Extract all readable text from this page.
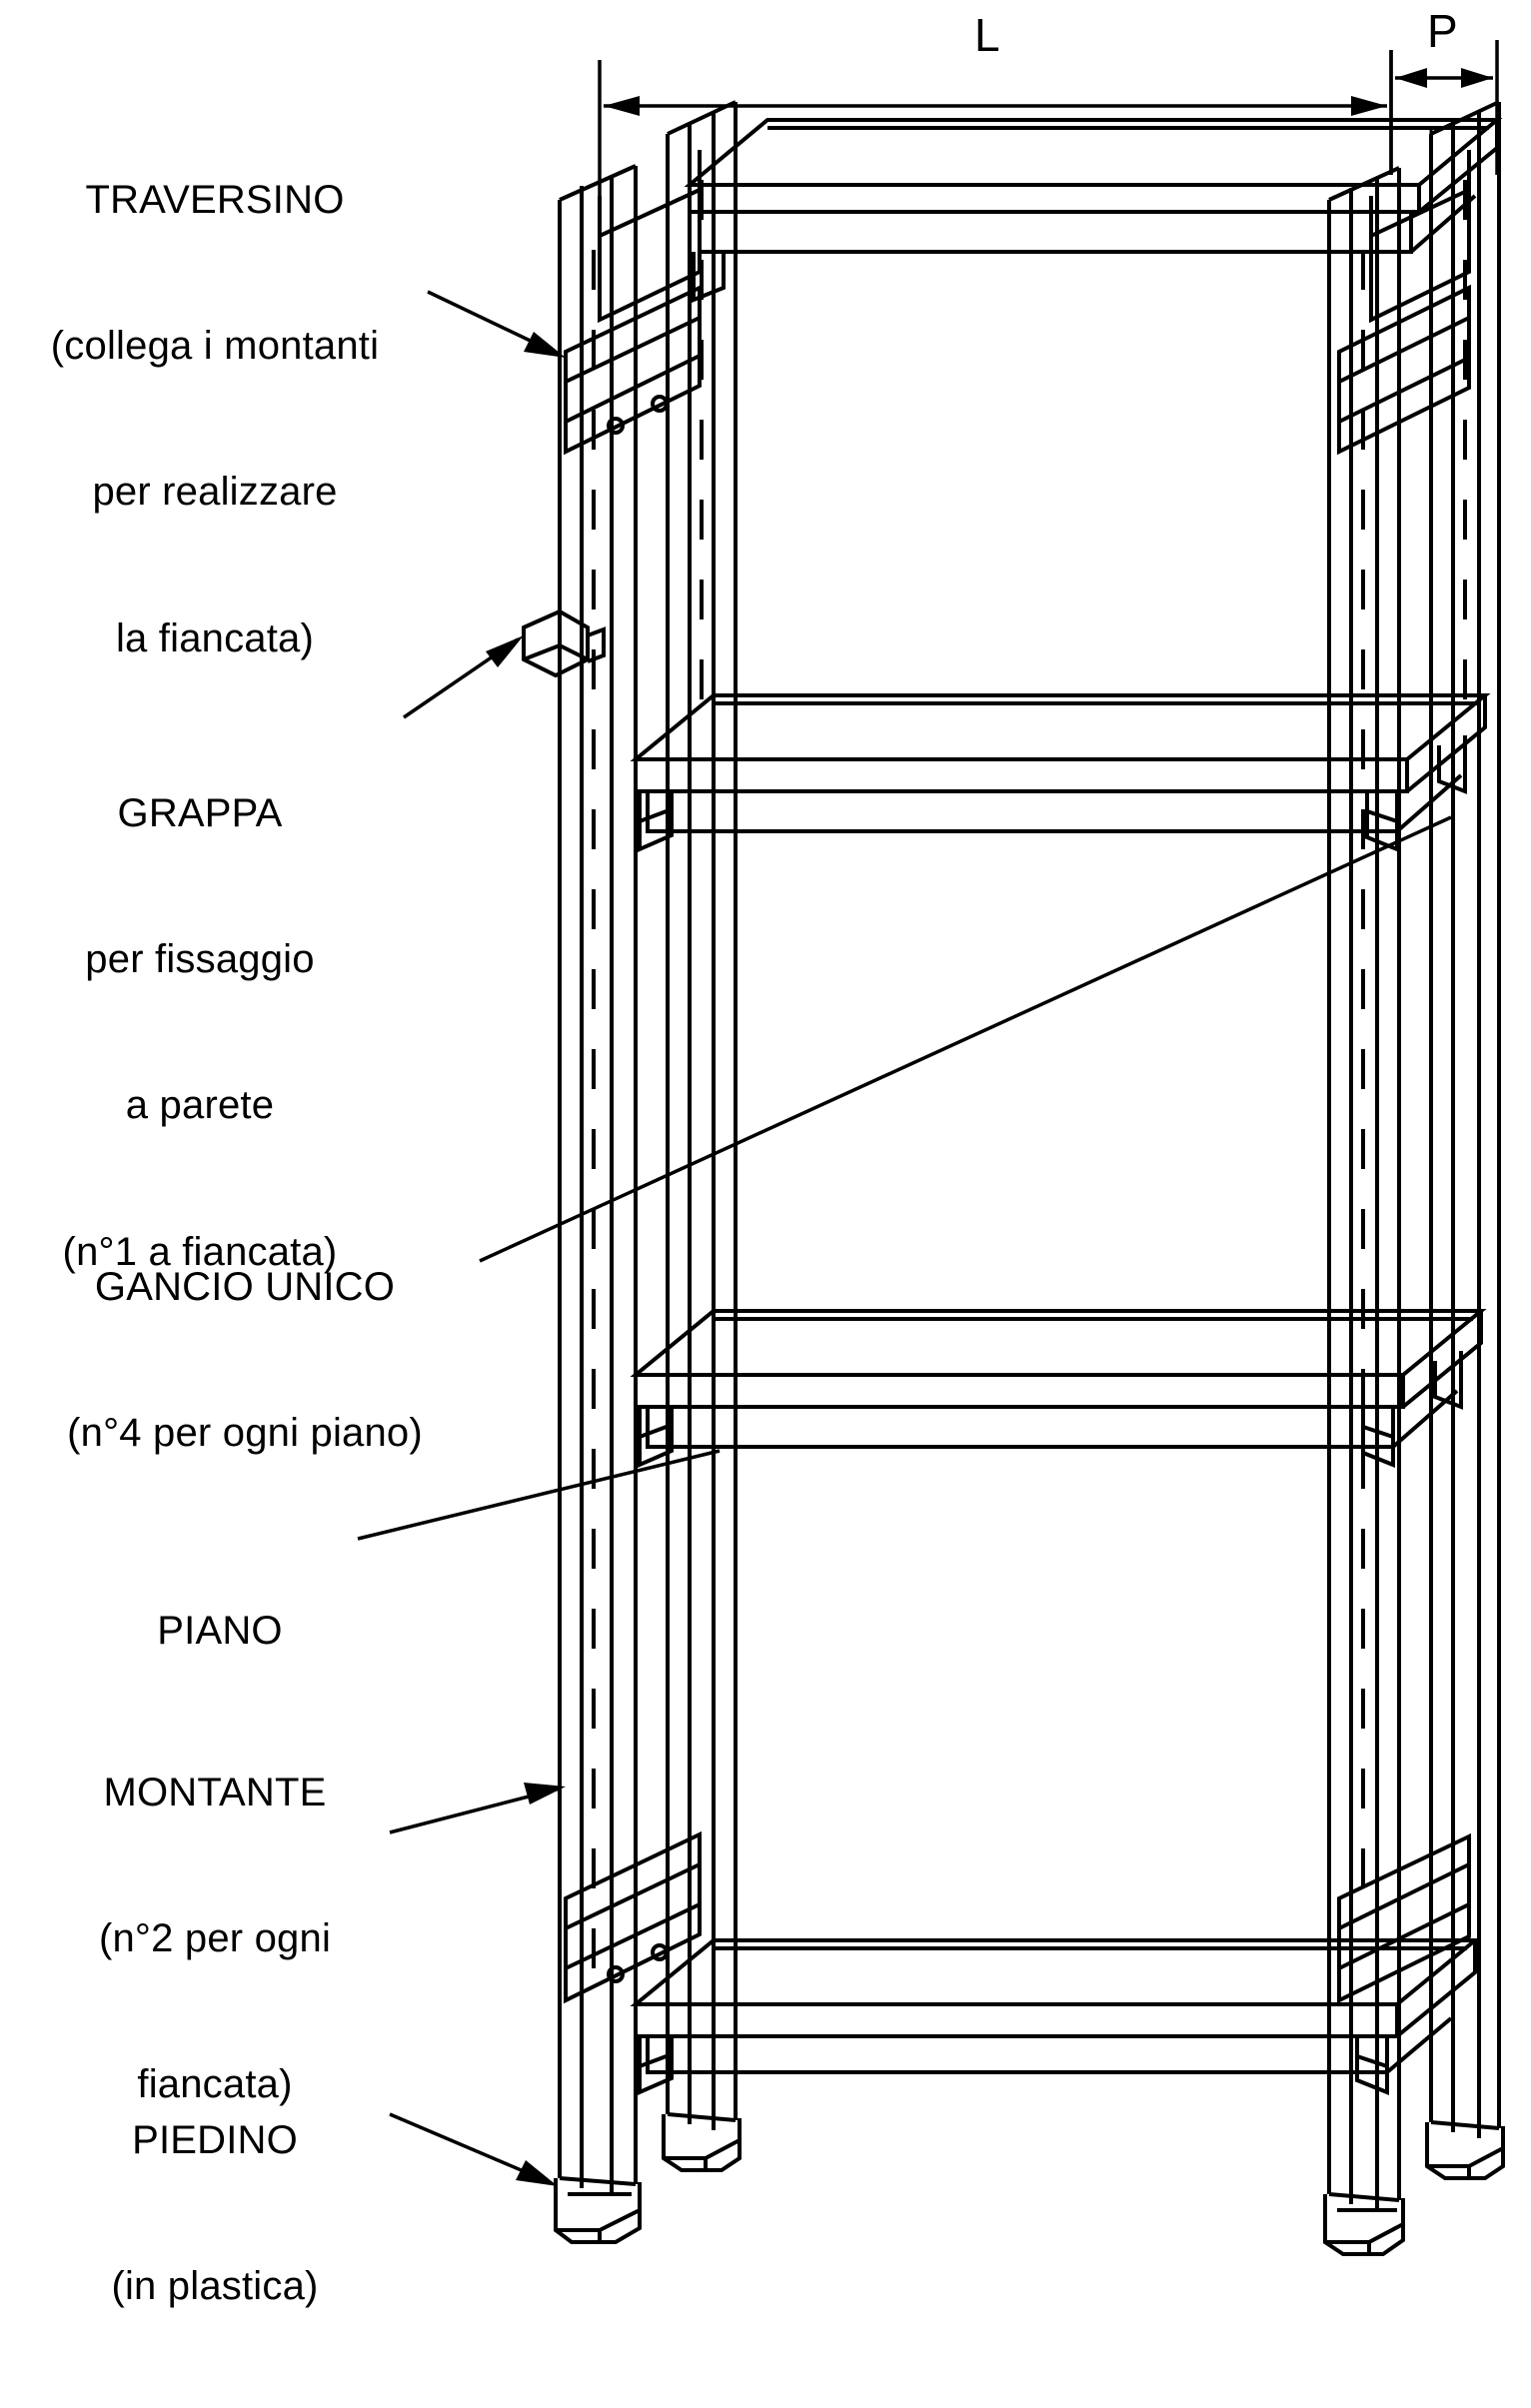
TRAVERSINO

(collega i montanti

per realizzare

la fiancata)

GRAPPA

per fissaggio

a parete

(n°1 a fiancata)

GANCIO UNICO

(n°4 per ogni piano)

PIANO

MONTANTE

(n°2 per ogni

fiancata)

PIEDINO

(in plastica)

L	P
